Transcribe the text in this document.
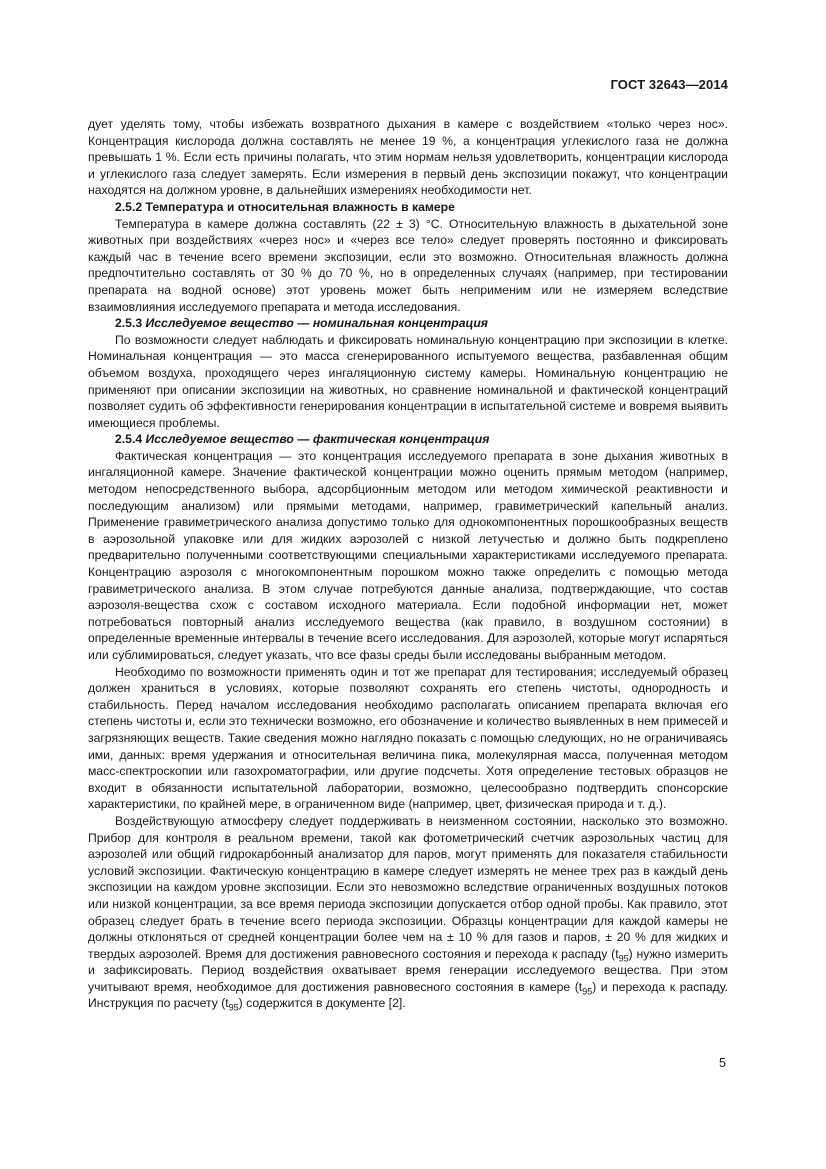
ГОСТ 32643—2014

дует уделять тому, чтобы избежать возвратного дыхания в камере с воздействием «только через нос». Концентрация кислорода должна составлять не менее 19 %, а концентрация углекислого газа не должна превышать 1 %. Если есть причины полагать, что этим нормам нельзя удовлетворить, концентрации кислорода и углекислого газа следует замерять. Если измерения в первый день экспозиции покажут, что концентрации находятся на должном уровне, в дальнейших измерениях необходимости нет.

2.5.2 Температура и относительная влажность в камере

Температура в камере должна составлять (22 ± 3) °С. Относительную влажность в дыхательной зоне животных при воздействиях «через нос» и «через все тело» следует проверять постоянно и фиксировать каждый час в течение всего времени экспозиции, если это возможно. Относительная влажность должна предпочтительно составлять от 30 % до 70 %, но в определенных случаях (например, при тестировании препарата на водной основе) этот уровень может быть неприменим или не измеряем вследствие взаимовлияния исследуемого препарата и метода исследования.

2.5.3 Исследуемое вещество — номинальная концентрация

По возможности следует наблюдать и фиксировать номинальную концентрацию при экспозиции в клетке. Номинальная концентрация — это масса сгенерированного испытуемого вещества, разбавленная общим объемом воздуха, проходящего через ингаляционную систему камеры. Номинальную концентрацию не применяют при описании экспозиции на животных, но сравнение номинальной и фактической концентраций позволяет судить об эффективности генерирования концентрации в испытательной системе и вовремя выявить имеющиеся проблемы.

2.5.4 Исследуемое вещество — фактическая концентрация

Фактическая концентрация — это концентрация исследуемого препарата в зоне дыхания животных в ингаляционной камере. Значение фактической концентрации можно оценить прямым методом (например, методом непосредственного выбора, адсорбционным методом или методом химической реактивности и последующим анализом) или прямыми методами, например, гравиметрический капельный анализ. Применение гравиметрического анализа допустимо только для однокомпонентных порошкообразных веществ в аэрозольной упаковке или для жидких аэрозолей с низкой летучестью и должно быть подкреплено предварительно полученными соответствующими специальными характеристиками исследуемого препарата. Концентрацию аэрозоля с многокомпонентным порошком можно также определить с помощью метода гравиметрического анализа. В этом случае потребуются данные анализа, подтверждающие, что состав аэрозоля-вещества схож с составом исходного материала. Если подобной информации нет, может потребоваться повторный анализ исследуемого вещества (как правило, в воздушном состоянии) в определенные временные интервалы в течение всего исследования. Для аэрозолей, которые могут испаряться или сублимироваться, следует указать, что все фазы среды были исследованы выбранным методом.

Необходимо по возможности применять один и тот же препарат для тестирования; исследуемый образец должен храниться в условиях, которые позволяют сохранять его степень чистоты, однородность и стабильность. Перед началом исследования необходимо располагать описанием препарата включая его степень чистоты и, если это технически возможно, его обозначение и количество выявленных в нем примесей и загрязняющих веществ. Такие сведения можно наглядно показать с помощью следующих, но не ограничиваясь ими, данных: время удержания и относительная величина пика, молекулярная масса, полученная методом масс-спектроскопии или газохроматографии, или другие подсчеты. Хотя определение тестовых образцов не входит в обязанности испытательной лаборатории, возможно, целесообразно подтвердить спонсорские характеристики, по крайней мере, в ограниченном виде (например, цвет, физическая природа и т. д.).

Воздействующую атмосферу следует поддерживать в неизменном состоянии, насколько это возможно. Прибор для контроля в реальном времени, такой как фотометрический счетчик аэрозольных частиц для аэрозолей или общий гидрокарбонный анализатор для паров, могут применять для показателя стабильности условий экспозиции. Фактическую концентрацию в камере следует измерять не менее трех раз в каждый день экспозиции на каждом уровне экспозиции. Если это невозможно вследствие ограниченных воздушных потоков или низкой концентрации, за все время периода экспозиции допускается отбор одной пробы. Как правило, этот образец следует брать в течение всего периода экспозиции. Образцы концентрации для каждой камеры не должны отклоняться от средней концентрации более чем на ± 10 % для газов и паров, ± 20 % для жидких и твердых аэрозолей. Время для достижения равновесного состояния и перехода к распаду $(t_{95})$ нужно измерить и зафиксировать. Период воздействия охватывает время генерации исследуемого вещества. При этом учитывают время, необходимое для достижения равновесного состояния в камере $(t_{95})$ и перехода к распаду. Инструкция по расчету $(t_{95})$ содержится в документе [2].

5
